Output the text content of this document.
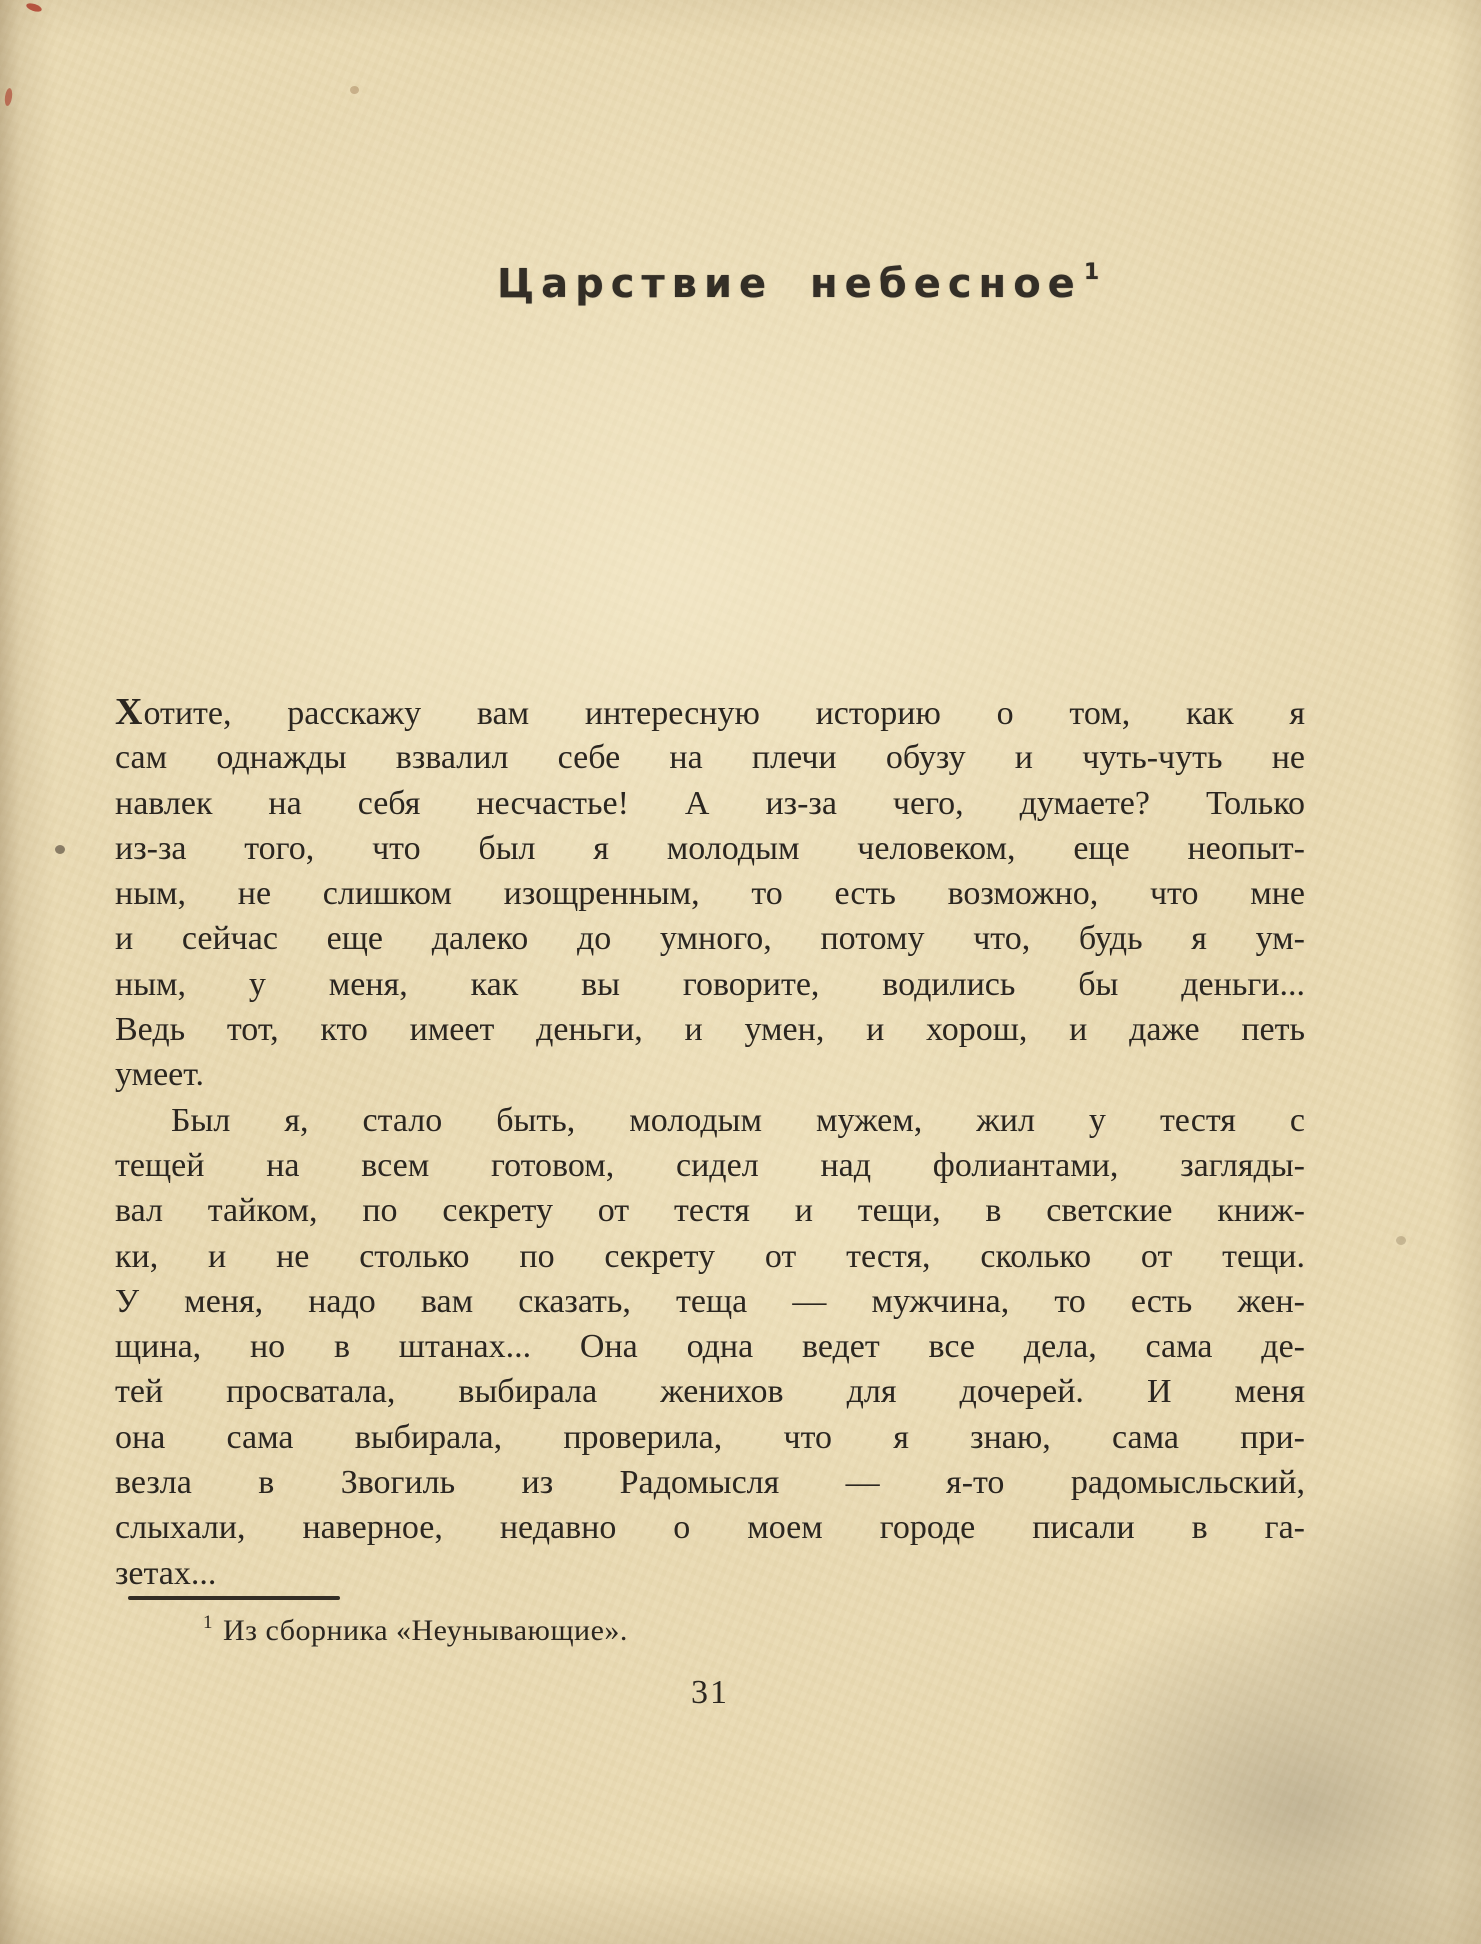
Царствие небесное$^1$
Хотите, расскажу вам интересную историю о том, как я
сам однажды взвалил себе на плечи обузу и чуть-чуть не
навлек на себя несчастье! А из-за чего, думаете? Только
из-за того, что был я молодым человеком, еще неопыт-
ным, не слишком изощренным, то есть возможно, что мне
и сейчас еще далеко до умного, потому что, будь я ум-
ным, у меня, как вы говорите, водились бы деньги...
Ведь тот, кто имеет деньги, и умен, и хорош, и даже петь
умеет.
Был я, стало быть, молодым мужем, жил у тестя с
тещей на всем готовом, сидел над фолиантами, загляды-
вал тайком, по секрету от тестя и тещи, в светские книж-
ки, и не столько по секрету от тестя, сколько от тещи.
У меня, надо вам сказать, теща — мужчина, то есть жен-
щина, но в штанах... Она одна ведет все дела, сама де-
тей просватала, выбирала женихов для дочерей. И меня
она сама выбирала, проверила, что я знаю, сама при-
везла в Звогиль из Радомысля — я-то радомысльский,
слыхали, наверное, недавно о моем городе писали в га-
зетах...
$^1$ Из сборника «Неунывающие».
31
